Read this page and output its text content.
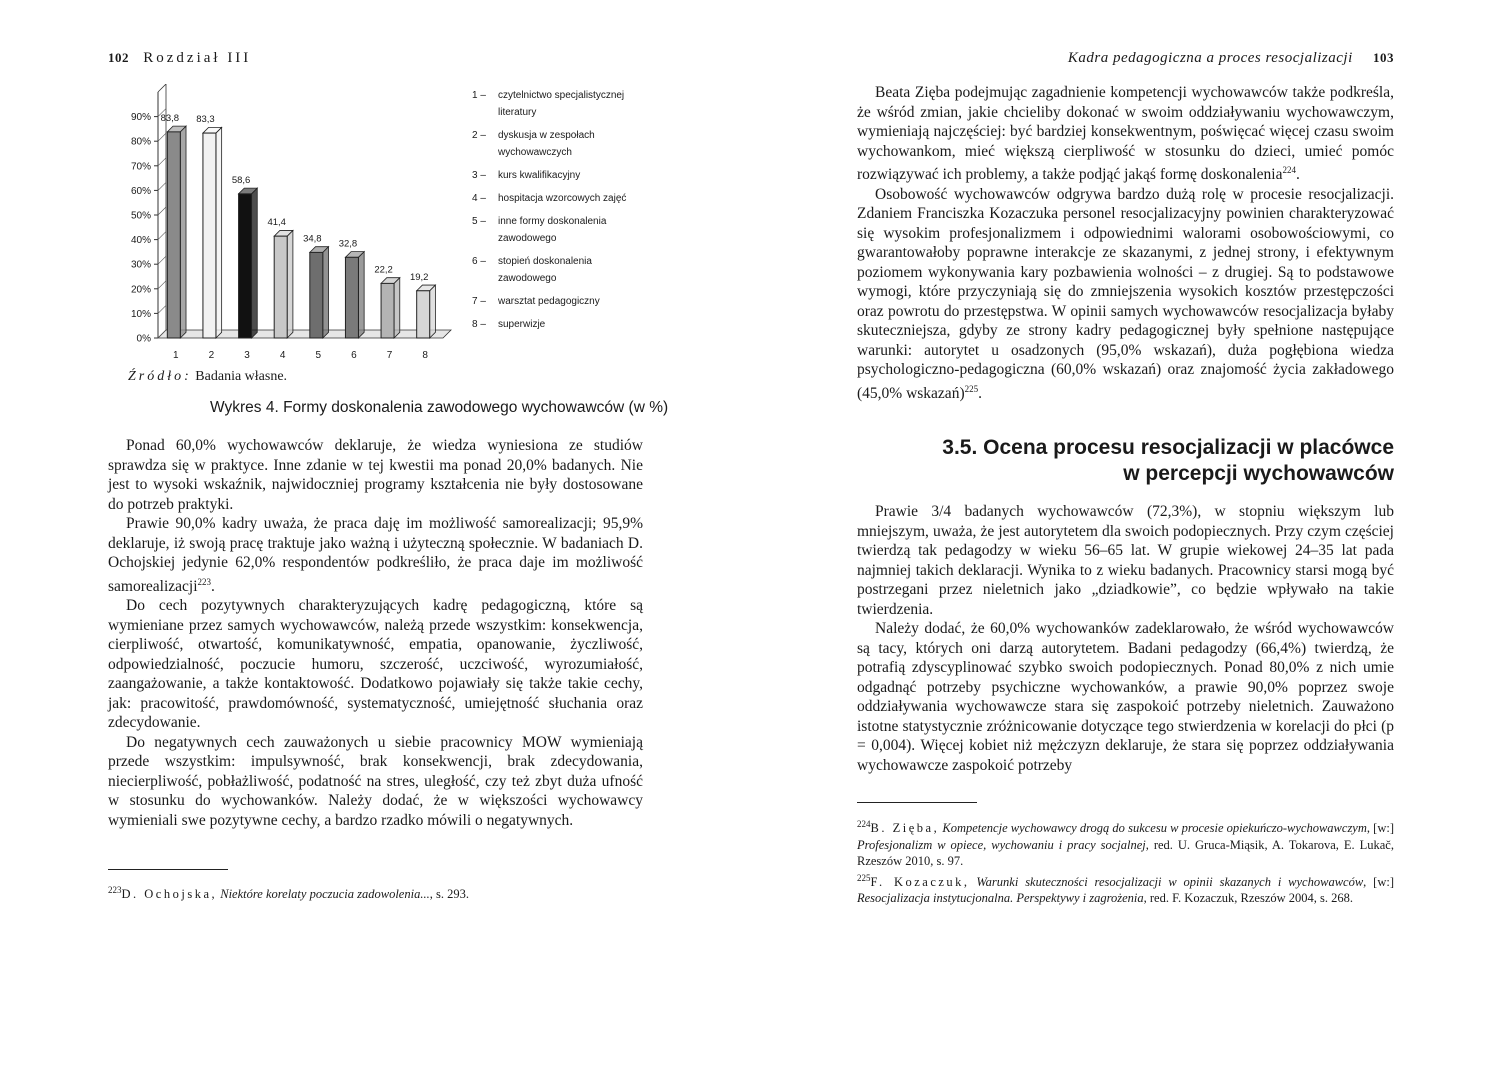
102 Rozdział III
0%
10%
20%
30%
40%
50%
60%
70%
80%
90% 83,8
1
83,3
2
58,6
3
41,4
4
34,8
5
32,8
6
22,2
7
19,2
8
1 –	czytelnictwo specjalistycznej literatury
2 –	dyskusja w zespołach wychowawczych
3 –	kurs kwalifikacyjny
4 –	hospitacja wzorcowych zajęć
5 –	inne formy doskonalenia zawodowego
6 –	stopień doskonalenia zawodowego
7 –	warsztat pedagogiczny
8 –	superwizje
Źródło: Badania własne.
Wykres 4. Formy doskonalenia zawodowego wychowawców (w %)

Ponad 60,0% wychowawców deklaruje, że wiedza wyniesiona ze studiów sprawdza się w praktyce. Inne zdanie w tej kwestii ma ponad 20,0% badanych. Nie jest to wysoki wskaźnik, najwidoczniej programy kształcenia nie były dostosowane do potrzeb praktyki.

Prawie 90,0% kadry uważa, że praca daję im możliwość samorealizacji; 95,9% deklaruje, iż swoją pracę traktuje jako ważną i użyteczną społecznie. W badaniach D. Ochojskiej jedynie 62,0% respondentów podkreśliło, że praca daje im możliwość samorealizacji$^{223}$.

Do cech pozytywnych charakteryzujących kadrę pedagogiczną, które są wymieniane przez samych wychowawców, należą przede wszystkim: konsekwencja, cierpliwość, otwartość, komunikatywność, empatia, opanowanie, życzliwość, odpowiedzialność, poczucie humoru, szczerość, uczciwość, wyrozumiałość, zaangażowanie, a także kontaktowość. Dodatkowo pojawiały się także takie cechy, jak: pracowitość, prawdomówność, systematyczność, umiejętność słuchania oraz zdecydowanie.

Do negatywnych cech zauważonych u siebie pracownicy MOW wymieniają przede wszystkim: impulsywność, brak konsekwencji, brak zdecydowania, niecierpliwość, pobłażliwość, podatność na stres, uległość, czy też zbyt duża ufność w stosunku do wychowanków. Należy dodać, że w większości wychowawcy wymieniali swe pozytywne cechy, a bardzo rzadko mówili o negatywnych.

$^{223}$D. Ochojska, Niektóre korelaty poczucia zadowolenia..., s. 293.
Kadra pedagogiczna a proces resocjalizacji 103

Beata Zięba podejmując zagadnienie kompetencji wychowawców także podkreśla, że wśród zmian, jakie chcieliby dokonać w swoim oddziaływaniu wychowawczym, wymieniają najczęściej: być bardziej konsekwentnym, poświęcać więcej czasu swoim wychowankom, mieć większą cierpliwość w stosunku do dzieci, umieć pomóc rozwiązywać ich problemy, a także podjąć jakąś formę doskonalenia$^{224}$.

Osobowość wychowawców odgrywa bardzo dużą rolę w procesie resocjalizacji. Zdaniem Franciszka Kozaczuka personel resocjalizacyjny powinien charakteryzować się wysokim profesjonalizmem i odpowiednimi walorami osobowościowymi, co gwarantowałoby poprawne interakcje ze skazanymi, z jednej strony, i efektywnym poziomem wykonywania kary pozbawienia wolności – z drugiej. Są to podstawowe wymogi, które przyczyniają się do zmniejszenia wysokich kosztów przestępczości oraz powrotu do przestępstwa. W opinii samych wychowawców resocjalizacja byłaby skuteczniejsza, gdyby ze strony kadry pedagogicznej były spełnione następujące warunki: autorytet u osadzonych (95,0% wskazań), duża pogłębiona wiedza psychologiczno-pedagogiczna (60,0% wskazań) oraz znajomość życia zakładowego (45,0% wskazań)$^{225}$.

3.5. Ocena procesu resocjalizacji w placówce
w percepcji wychowawców

Prawie 3/4 badanych wychowawców (72,3%), w stopniu większym lub mniejszym, uważa, że jest autorytetem dla swoich podopiecznych. Przy czym częściej twierdzą tak pedagodzy w wieku 56–65 lat. W grupie wiekowej 24–35 lat pada najmniej takich deklaracji. Wynika to z wieku badanych. Pracownicy starsi mogą być postrzegani przez nieletnich jako „dziadkowie”, co będzie wpływało na takie twierdzenia.

Należy dodać, że 60,0% wychowanków zadeklarowało, że wśród wychowawców są tacy, których oni darzą autorytetem. Badani pedagodzy (66,4%) twierdzą, że potrafią zdyscyplinować szybko swoich podopiecznych. Ponad 80,0% z nich umie odgadnąć potrzeby psychiczne wychowanków, a prawie 90,0% poprzez swoje oddziaływania wychowawcze stara się zaspokoić potrzeby nieletnich. Zauważono istotne statystycznie zróżnicowanie dotyczące tego stwierdzenia w korelacji do płci (p = 0,004). Więcej kobiet niż mężczyzn deklaruje, że stara się poprzez oddziaływania wychowawcze zaspokoić potrzeby

$^{224}$B. Zięba, Kompetencje wychowawcy drogą do sukcesu w procesie opiekuńczo-wychowawczym, [w:] Profesjonalizm w opiece, wychowaniu i pracy socjalnej, red. U. Gruca-Miąsik, A. Tokarova, E. Lukač, Rzeszów 2010, s. 97.
$^{225}$F. Kozaczuk, Warunki skuteczności resocjalizacji w opinii skazanych i wychowawców, [w:] Resocjalizacja instytucjonalna. Perspektywy i zagrożenia, red. F. Kozaczuk, Rzeszów 2004, s. 268.
